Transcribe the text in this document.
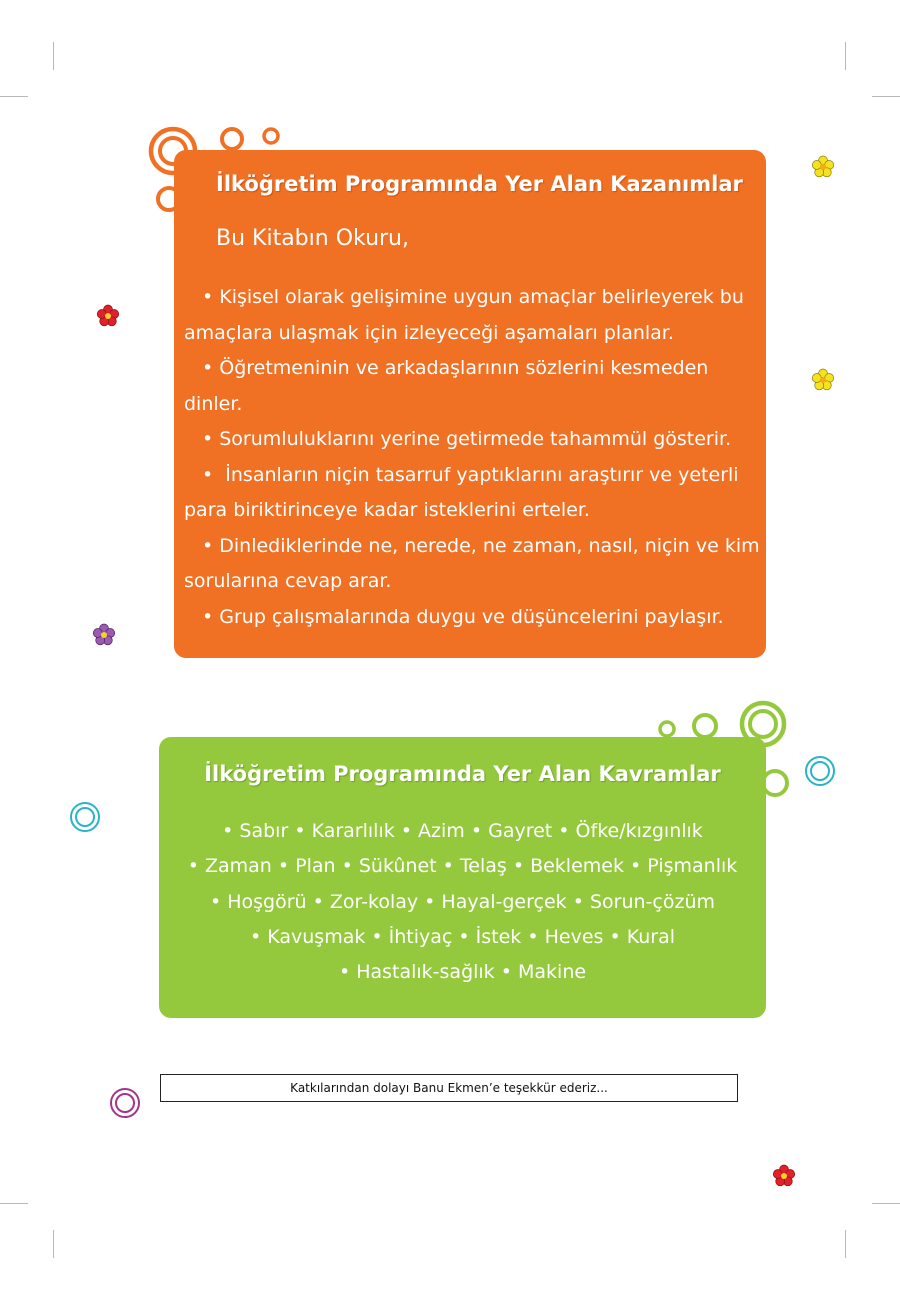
İlköğretim Programında Yer Alan Kazanımlar

Bu Kitabın Okuru,

• Kişisel olarak gelişimine uygun amaçlar belirleyerek bu amaçlara ulaşmak için izleyeceği aşamaları planlar.
• Öğretmeninin ve arkadaşlarının sözlerini kesmeden dinler.
• Sorumluluklarını yerine getirmede tahammül gösterir.
•  İnsanların niçin tasarruf yaptıklarını araştırır ve yeterli para biriktirinceye kadar isteklerini erteler.
• Dinlediklerinde ne, nerede, ne zaman, nasıl, niçin ve kim sorularına cevap arar.
• Grup çalışmalarında duygu ve düşüncelerini paylaşır.
İlköğretim Programında Yer Alan Kavramlar
• Sabır • Kararlılık • Azim • Gayret • Öfke/kızgınlık
• Zaman • Plan • Sükûnet • Telaş • Beklemek • Pişmanlık
• Hoşgörü • Zor-kolay • Hayal-gerçek • Sorun-çözüm
• Kavuşmak • İhtiyaç • İstek • Heves • Kural
• Hastalık-sağlık • Makine
Katkılarından dolayı Banu Ekmen’e teşekkür ederiz...
